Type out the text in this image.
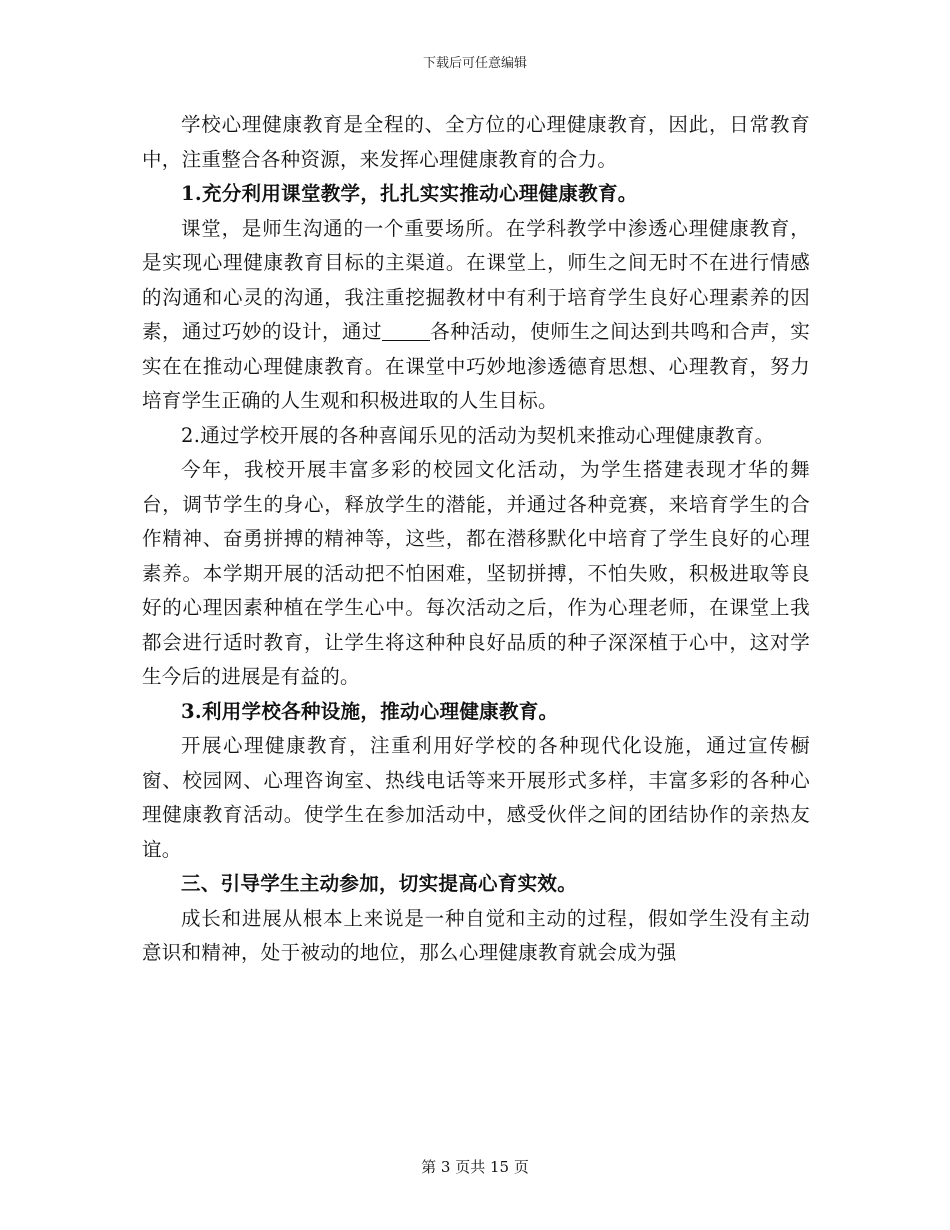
下载后可任意编辑

学校心理健康教育是全程的、全方位的心理健康教育，因此，日常教育中，注重整合各种资源，来发挥心理健康教育的合力。

1.充分利用课堂教学，扎扎实实推动心理健康教育。

课堂，是师生沟通的一个重要场所。在学科教学中渗透心理健康教育，是实现心理健康教育目标的主渠道。在课堂上，师生之间无时不在进行情感的沟通和心灵的沟通，我注重挖掘教材中有利于培育学生良好心理素养的因素，通过巧妙的设计，通过 各种活动，使师生之间达到共鸣和合声，实实在在推动心理健康教育。在课堂中巧妙地渗透德育思想、心理教育，努力培育学生正确的人生观和积极进取的人生目标。

2.通过学校开展的各种喜闻乐见的活动为契机来推动心理健康教育。

今年，我校开展丰富多彩的校园文化活动，为学生搭建表现才华的舞台，调节学生的身心，释放学生的潜能，并通过各种竞赛，来培育学生的合作精神、奋勇拼搏的精神等，这些，都在潜移默化中培育了学生良好的心理素养。本学期开展的活动把不怕困难，坚韧拼搏，不怕失败，积极进取等良好的心理因素种植在学生心中。每次活动之后，作为心理老师，在课堂上我都会进行适时教育，让学生将这种种良好品质的种子深深植于心中，这对学生今后的进展是有益的。

3.利用学校各种设施，推动心理健康教育。

开展心理健康教育，注重利用好学校的各种现代化设施，通过宣传橱窗、校园网、心理咨询室、热线电话等来开展形式多样，丰富多彩的各种心理健康教育活动。使学生在参加活动中，感受伙伴之间的团结协作的亲热友谊。

三、引导学生主动参加，切实提高心育实效。

成长和进展从根本上来说是一种自觉和主动的过程，假如学生没有主动意识和精神，处于被动的地位，那么心理健康教育就会成为强

第 3 页共 15 页
